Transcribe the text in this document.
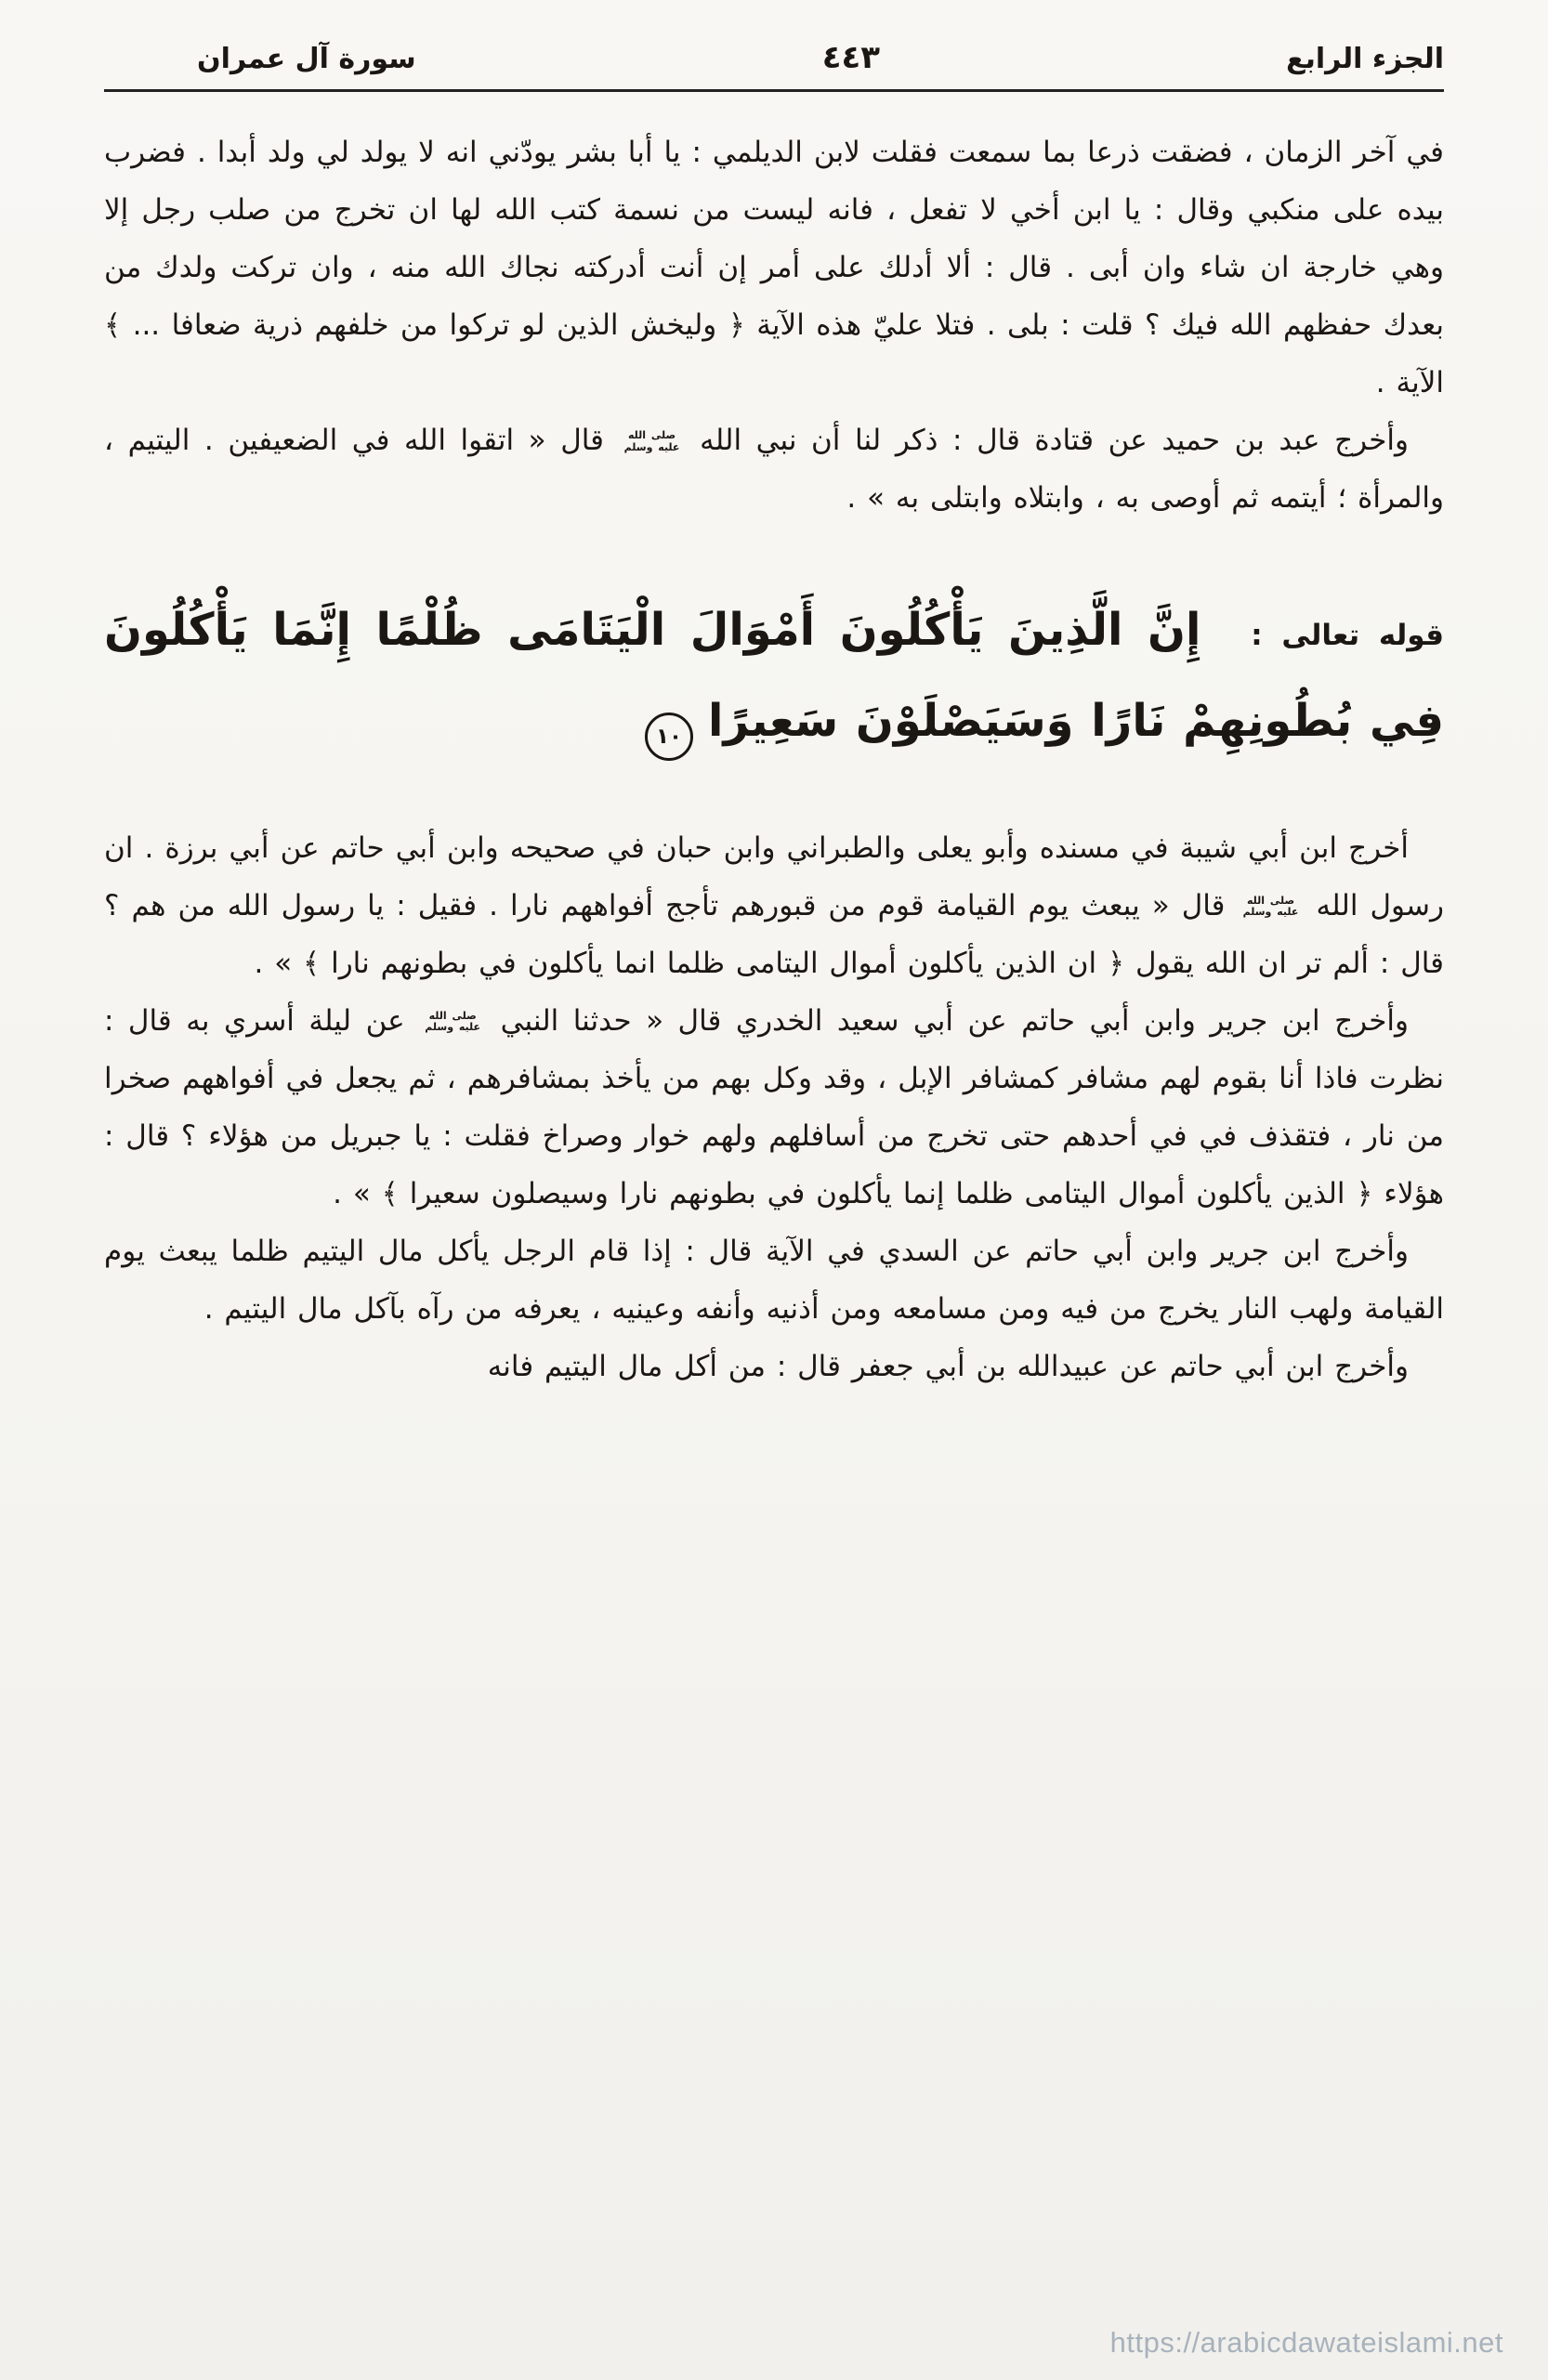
الجزء الرابع
٤٤٣
سورة آل عمران

في آخر الزمان ، فضقت ذرعا بما سمعت فقلت لابن الديلمي : يا أبا بشر يودّني انه لا يولد لي ولد أبدا . فضرب بيده على منكبي وقال : يا ابن أخي لا تفعل ، فانه ليست من نسمة كتب الله لها ان تخرج من صلب رجل إلا وهي خارجة ان شاء وان أبى . قال : ألا أدلك على أمر إن أنت أدركته نجاك الله منه ، وان تركت ولدك من بعدك حفظهم الله فيك ؟ قلت : بلى . فتلا عليّ هذه الآية ﴿ وليخش الذين لو تركوا من خلفهم ذرية ضعافا ... ﴾ الآية .

وأخرج عبد بن حميد عن قتادة قال : ذكر لنا أن نبي الله صلى الله عليه وسلم قال « اتقوا الله في الضعيفين . اليتيم ، والمرأة ؛ أيتمه ثم أوصى به ، وابتلاه وابتلى به » .

قوله تعالى : إِنَّ الَّذِينَ يَأْكُلُونَ أَمْوَالَ الْيَتَامَى ظُلْمًا إِنَّمَا يَأْكُلُونَ فِي بُطُونِهِمْ نَارًا وَسَيَصْلَوْنَ سَعِيرًا
١٠

أخرج ابن أبي شيبة في مسنده وأبو يعلى والطبراني وابن حبان في صحيحه وابن أبي حاتم عن أبي برزة . ان رسول الله صلى الله عليه وسلم قال « يبعث يوم القيامة قوم من قبورهم تأجج أفواههم نارا . فقيل : يا رسول الله من هم ؟ قال : ألم تر ان الله يقول ﴿ ان الذين يأكلون أموال اليتامى ظلما انما يأكلون في بطونهم نارا ﴾ » .

وأخرج ابن جرير وابن أبي حاتم عن أبي سعيد الخدري قال « حدثنا النبي صلى الله عليه وسلم عن ليلة أسري به قال : نظرت فاذا أنا بقوم لهم مشافر كمشافر الإبل ، وقد وكل بهم من يأخذ بمشافرهم ، ثم يجعل في أفواههم صخرا من نار ، فتقذف في في أحدهم حتى تخرج من أسافلهم ولهم خوار وصراخ فقلت : يا جبريل من هؤلاء ؟ قال : هؤلاء ﴿ الذين يأكلون أموال اليتامى ظلما إنما يأكلون في بطونهم نارا وسيصلون سعيرا ﴾ » .

وأخرج ابن جرير وابن أبي حاتم عن السدي في الآية قال : إذا قام الرجل يأكل مال اليتيم ظلما يبعث يوم القيامة ولهب النار يخرج من فيه ومن مسامعه ومن أذنيه وأنفه وعينيه ، يعرفه من رآه بآكل مال اليتيم .

وأخرج ابن أبي حاتم عن عبيدالله بن أبي جعفر قال : من أكل مال اليتيم فانه

https://arabicdawateislami.net
